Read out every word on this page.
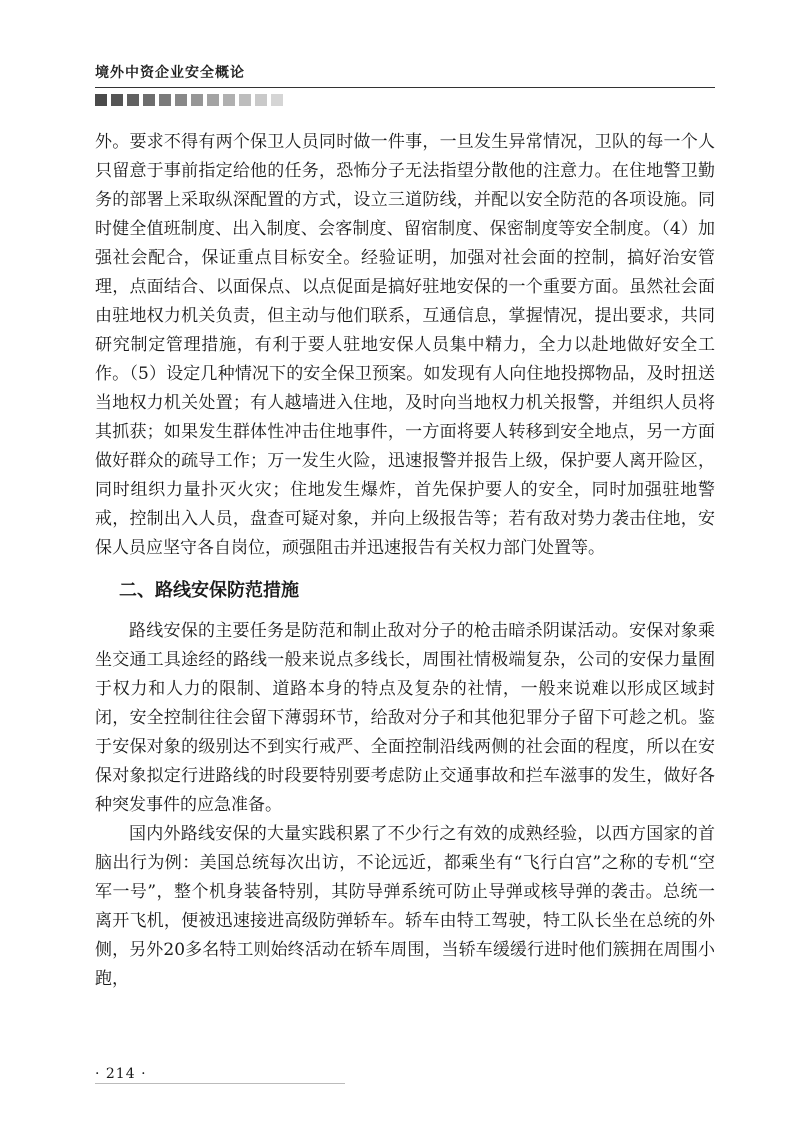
境外中资企业安全概论

外。要求不得有两个保卫人员同时做一件事，一旦发生异常情况，卫队的每一个人只留意于事前指定给他的任务，恐怖分子无法指望分散他的注意力。在住地警卫勤务的部署上采取纵深配置的方式，设立三道防线，并配以安全防范的各项设施。同时健全值班制度、出入制度、会客制度、留宿制度、保密制度等安全制度。（4）加强社会配合，保证重点目标安全。经验证明，加强对社会面的控制，搞好治安管理，点面结合、以面保点、以点促面是搞好驻地安保的一个重要方面。虽然社会面由驻地权力机关负责，但主动与他们联系，互通信息，掌握情况，提出要求，共同研究制定管理措施，有利于要人驻地安保人员集中精力，全力以赴地做好安全工作。（5）设定几种情况下的安全保卫预案。如发现有人向住地投掷物品，及时扭送当地权力机关处置；有人越墙进入住地，及时向当地权力机关报警，并组织人员将其抓获；如果发生群体性冲击住地事件，一方面将要人转移到安全地点，另一方面做好群众的疏导工作；万一发生火险，迅速报警并报告上级，保护要人离开险区，同时组织力量扑灭火灾；住地发生爆炸，首先保护要人的安全，同时加强驻地警戒，控制出入人员，盘查可疑对象，并向上级报告等；若有敌对势力袭击住地，安保人员应坚守各自岗位，顽强阻击并迅速报告有关权力部门处置等。

二、路线安保防范措施

路线安保的主要任务是防范和制止敌对分子的枪击暗杀阴谋活动。安保对象乘坐交通工具途经的路线一般来说点多线长，周围社情极端复杂，公司的安保力量囿于权力和人力的限制、道路本身的特点及复杂的社情，一般来说难以形成区域封闭，安全控制往往会留下薄弱环节，给敌对分子和其他犯罪分子留下可趁之机。鉴于安保对象的级别达不到实行戒严、全面控制沿线两侧的社会面的程度，所以在安保对象拟定行进路线的时段要特别要考虑防止交通事故和拦车滋事的发生，做好各种突发事件的应急准备。

国内外路线安保的大量实践积累了不少行之有效的成熟经验，以西方国家的首脑出行为例：美国总统每次出访，不论远近，都乘坐有“飞行白宫”之称的专机“空军一号”，整个机身装备特别，其防导弹系统可防止导弹或核导弹的袭击。总统一离开飞机，便被迅速接进高级防弹轿车。轿车由特工驾驶，特工队长坐在总统的外侧，另外20多名特工则始终活动在轿车周围，当轿车缓缓行进时他们簇拥在周围小跑，

· 214 ·
